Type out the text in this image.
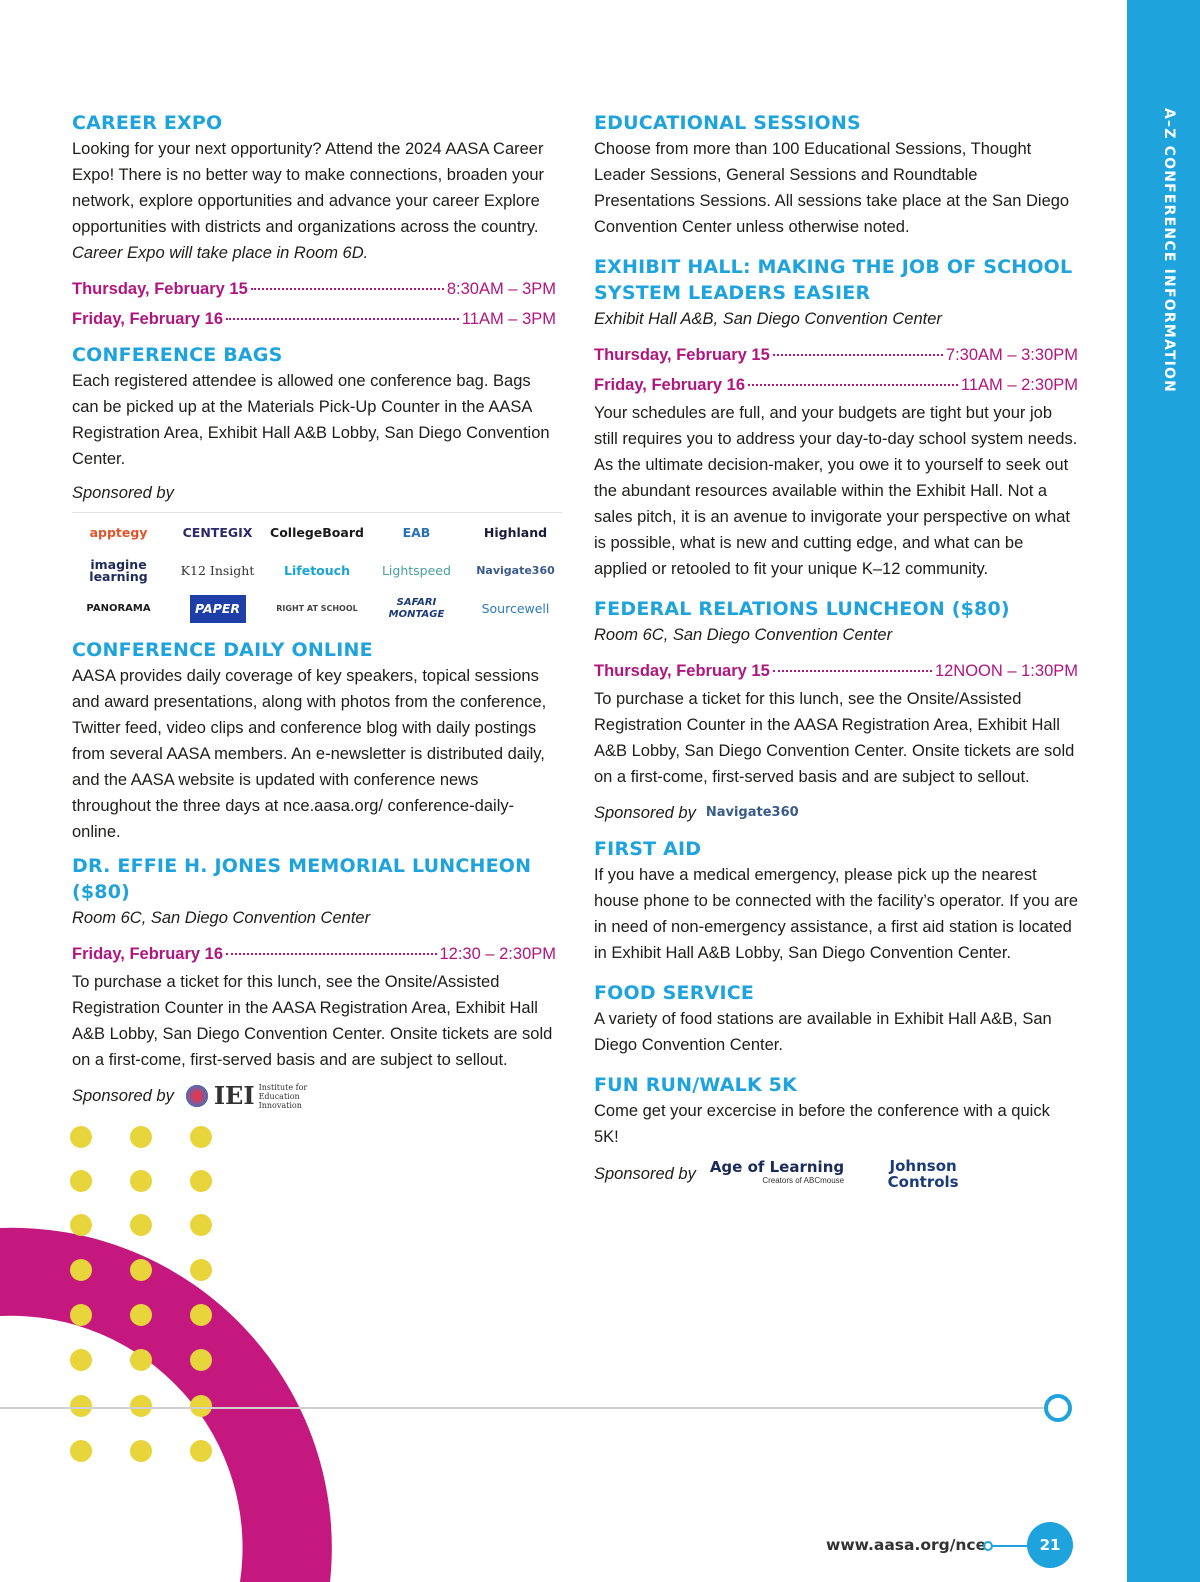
A–Z CONFERENCE INFORMATION
CAREER EXPO

Looking for your next opportunity? Attend the 2024 AASA Career Expo! There is no better way to make connections, broaden your network, explore opportunities and advance your career Explore opportunities with districts and organizations across the country.

Career Expo will take place in Room 6D.

Thursday, February 15	8:30AM – 3PM
Friday, February 16	11AM – 3PM
CONFERENCE BAGS

Each registered attendee is allowed one conference bag. Bags can be picked up at the Materials Pick-Up Counter in the AASA Registration Area, Exhibit Hall A&B Lobby, San Diego Convention Center.

Sponsored by

apptegy	CENTEGIX	CollegeBoard	EAB	Highland
imagine learning	K12 Insight	Lifetouch	Lightspeed	Navigate360
PANORAMA	PAPER	RIGHT AT SCHOOL
SAFARI MONTAGE	Sourcewell
CONFERENCE DAILY ONLINE

AASA provides daily coverage of key speakers, topical sessions and award presentations, along with photos from the conference, Twitter feed, video clips and conference blog with daily postings from several AASA members. An e-newsletter is distributed daily, and the AASA website is updated with conference news throughout the three days at nce.aasa.org/ conference-daily-online.

DR. EFFIE H. JONES MEMORIAL LUNCHEON ($80)

Room 6C, San Diego Convention Center

Friday, February 16	12:30 – 2:30PM

To purchase a ticket for this lunch, see the Onsite/Assisted Registration Counter in the AASA Registration Area, Exhibit Hall A&B Lobby, San Diego Convention Center. Onsite tickets are sold on a first-come, first-served basis and are subject to sellout.

Sponsored by IEI Institute for Education Innovation
EDUCATIONAL SESSIONS

Choose from more than 100 Educational Sessions, Thought Leader Sessions, General Sessions and Roundtable Presentations Sessions. All sessions take place at the San Diego Convention Center unless otherwise noted.

EXHIBIT HALL: MAKING THE JOB OF SCHOOL
SYSTEM LEADERS EASIER

Exhibit Hall A&B, San Diego Convention Center

Thursday, February 15	7:30AM – 3:30PM
Friday, February 16	11AM – 2:30PM

Your schedules are full, and your budgets are tight but your job still requires you to address your day-to-day school system needs. As the ultimate decision-maker, you owe it to yourself to seek out the abundant resources available within the Exhibit Hall. Not a sales pitch, it is an avenue to invigorate your perspective on what is possible, what is new and cutting edge, and what can be applied or retooled to fit your unique K–12 community.

FEDERAL RELATIONS LUNCHEON ($80)

Room 6C, San Diego Convention Center

Thursday, February 15	12NOON – 1:30PM

To purchase a ticket for this lunch, see the Onsite/Assisted Registration Counter in the AASA Registration Area, Exhibit Hall A&B Lobby, San Diego Convention Center. Onsite tickets are sold on a first-come, first-served basis and are subject to sellout.

Sponsored by Navigate360
FIRST AID

If you have a medical emergency, please pick up the nearest house phone to be connected with the facility’s operator. If you are in need of non-emergency assistance, a first aid station is located in Exhibit Hall A&B Lobby, San Diego Convention Center.

FOOD SERVICE

A variety of food stations are available in Exhibit Hall A&B, San Diego Convention Center.

FUN RUN/WALK 5K

Come get your excercise in before the conference with a quick 5K!

Sponsored by Age of Learning
Creators of ABCmouse
Johnson Controls
www.aasa.org/nce	21
